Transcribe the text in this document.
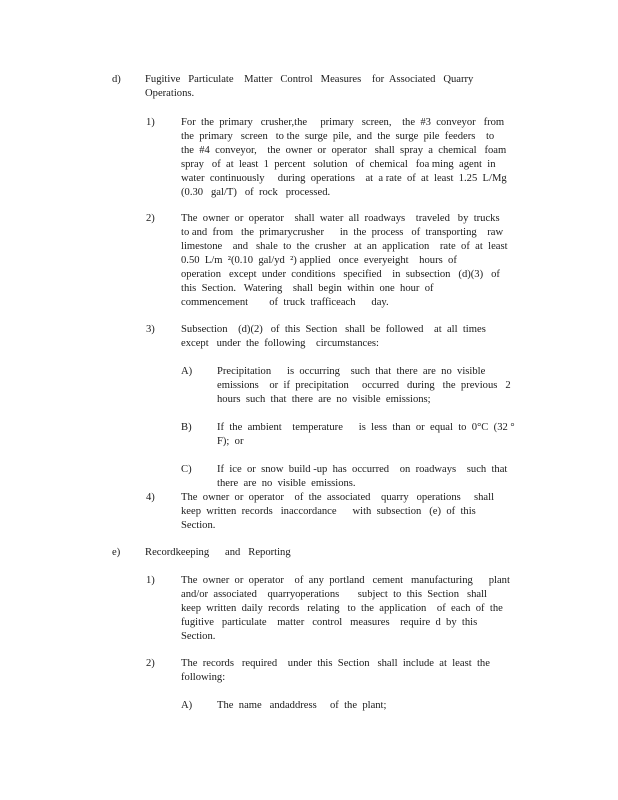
d) Fugitive   Particulate    Matter   Control   Measures    for  Associated   Quarry
Operations.
1) For  the  primary   crusher,the     primary   screen,    the  #3  conveyor   from
the  primary   screen   to the  surge  pile,  and  the  surge  pile  feeders    to
the  #4  conveyor,    the  owner  or  operator   shall  spray  a  chemical   foam
spray   of  at  least  1  percent   solution   of  chemical   foa ming  agent  in
water  continuously     during  operations    at  a rate  of  at  least  1.25  L/Mg
(0.30   gal/T)   of  rock   processed.
2) The  owner  or  operator    shall  water  all  roadways    traveled   by  trucks
to and  from   the  primarycrusher      in  the  process   of  transporting    raw
limestone    and   shale  to  the  crusher   at  an  application    rate  of  at  least
0.50  L/m  ²(0.10  gal/yd  ²) applied   once  everyeight    hours  of
operation   except  under  conditions   specified    in  subsection   (d)(3)   of
this  Section.   Watering    shall  begin  within  one  hour  of
commencement        of  truck  trafficeach      day.
3) Subsection    (d)(2)   of  this  Section   shall  be  followed    at  all  times
except   under  the  following    circumstances:
A) Precipitation      is  occurring    such  that  there  are  no  visible
emissions    or  if  precipitation     occurred   during   the  previous   2
hours  such  that  there  are  no  visible  emissions;
B) If  the  ambient    temperature      is  less  than  or  equal  to  0°C  (32 °
F);  or
C) If  ice  or  snow  build -up  has  occurred    on  roadways    such  that
there  are  no  visible  emissions.
4) The  owner  or  operator    of  the  associated    quarry   operations     shall
keep  written  records   inaccordance      with  subsection   (e)  of  this
Section.
e) Recordkeeping      and   Reporting
1) The  owner  or  operator    of  any  portland   cement   manufacturing      plant
and/or  associated    quarryoperations       subject  to  this  Section   shall
keep  written  daily  records   relating   to  the  application    of  each  of  the
fugitive   particulate    matter   control   measures    require  d  by  this
Section.
2) The  records   required    under  this  Section   shall  include  at  least  the
following:
A) The  name   andaddress     of  the  plant;
